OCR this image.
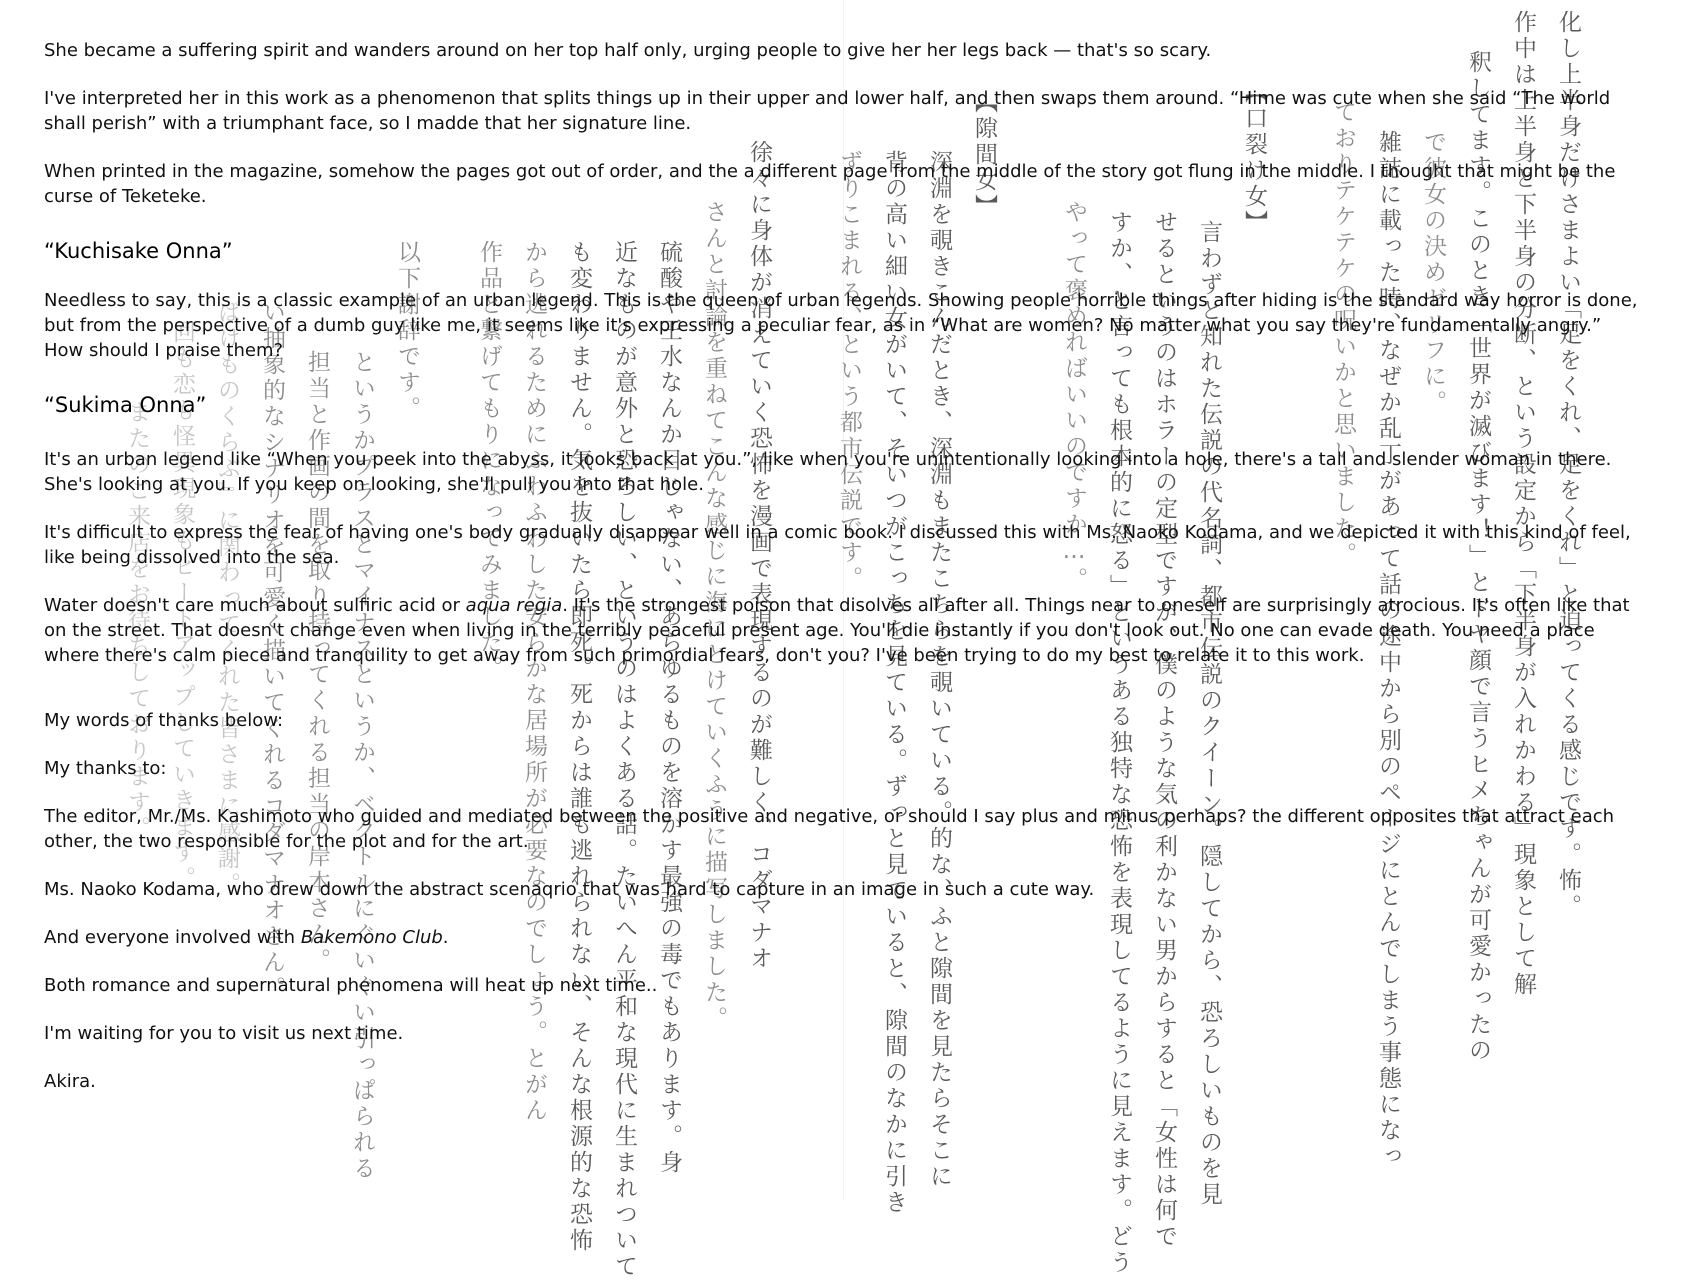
化し上半身だけさまよい「足をくれ、足をくれ」と迫ってくる感じです。怖。
作中は上半身と下半身の分断、という設定から「下半身が入れかわる」現象として解
釈してます。このとき「世界が滅びます！」とドヤ顔で言うヒメちゃんが可愛かったの
で彼女の決めゼリフに。
雑誌に載った時、なぜか乱丁があって話の途中から別のページにとんでしまう事態になっ
ておりテケテケの呪いかと思いました。
【口裂け女】
言わずと知れた伝説の代名詞、都市伝説のクイーン。隠してから、恐ろしいものを見
せるというのはホラーの定型ですが、僕のような気の利かない男からすると「女性は何で
すか、と言っても根本的に怒る」というある独特な恐怖を表現してるように見えます。どう
やって褒めればいいのですか…。
【隙間女】
深淵を覗きこんだとき、深淵もまたこちらを覗いている。的な、ふと隙間を見たらそこに
背の高い細い女がいて、そいつがこっちを見ている。ずっと見ていると、隙間のなかに引き
ずりこまれる、という都市伝説です。
徐々に身体が消えていく恐怖を漫画で表現するのが難しく、コダマナオ
さんと討論を重ねてこんな感じに海にとけていくふうに描写しました。
硫酸や王水なんか目じゃない、あらゆるものを溶かす最強の毒でもあります。身
近なものが意外と恐ろしい、というのはよくある話。たいへん平和な現代に生まれついて
も変わりません。気を抜いたら即死。死からは誰も逃れられない、そんな根源的な恐怖
から逃れるためにふわふわした安らかな居場所が必要なのでしょう。とがん
作品と繋げてもりになってみました。
以下謝辞です。
というかプラスとマイナスというか、ベクトルにぐいぐい引っぱられる
担当と作画の間を取り持ってくれる担当の岸本さん。
い抽象的なシナリオを可愛く描いてくれるコダマナオさん。
ばけものくらぶ』に関わってくれた皆さまに感謝。
回も恋も怪異現象もヒートアップしていきます。
またのご来店をお待ちしております。

She became a suffering spirit and wanders around on her top half only, urging people to give her her legs back — that's so scary.

I've interpreted her in this work as a phenomenon that splits things up in their upper and lower half, and then swaps them around. “Hime was cute when she said “The world shall perish” with a triumphant face, so I madde that her signature line.

When printed in the magazine, somehow the pages got out of order, and the a different page from the middle of the story got flung in the middle. I thought that might be the curse of Teketeke.

“Kuchisake Onna”

Needless to say, this is a classic example of an urban legend. This is the queen of urban legends. Showing people horrible things after hiding is the standard way horror is done, but from the perspective of a dumb guy like me, it seems like it's expressing a peculiar fear, as in “What are women? No matter what you say they're fundamentally angry.” How should I praise them?

“Sukima Onna”

It's an urban legend like “When you peek into the abyss, it looks back at you.”, like when you're unintentionally looking into a hole, there's a tall and slender woman in there. She's looking at you. If you keep on looking, she'll pull you into that hole.

It's difficult to express the fear of having one's body gradually disappear well in a comic book. I discussed this with Ms. Naoko Kodama, and we depicted it with this kind of feel, like being dissolved into the sea.

Water doesn't care much about sulfiric acid or aqua regia. It's the strongest poison that disolves all after all. Things near to oneself are surprisingly atrocious. It's often like that on the street. That doesn't change even when living in the terribly peaceful present age. You'll die instantly if you don't look out. No one can evade death. You need a place where there's calm piece and tranquility to get away from such primordial fears, don't you? I've been trying to do my best to relate it to this work.

My words of thanks below:

My thanks to:

The editor, Mr./Ms. Kashimoto who guided and mediated between the positive and negative, or should I say plus and minus perhaps? the different opposites that attract each other, the two responsible for the plot and for the art.

Ms. Naoko Kodama, who drew down the abstract scenaqrio that was hard to capture in an image in such a cute way.

And everyone involved with Bakemono Club.

Both romance and supernatural phenomena will heat up next time..

I'm waiting for you to visit us next time.

Akira.
